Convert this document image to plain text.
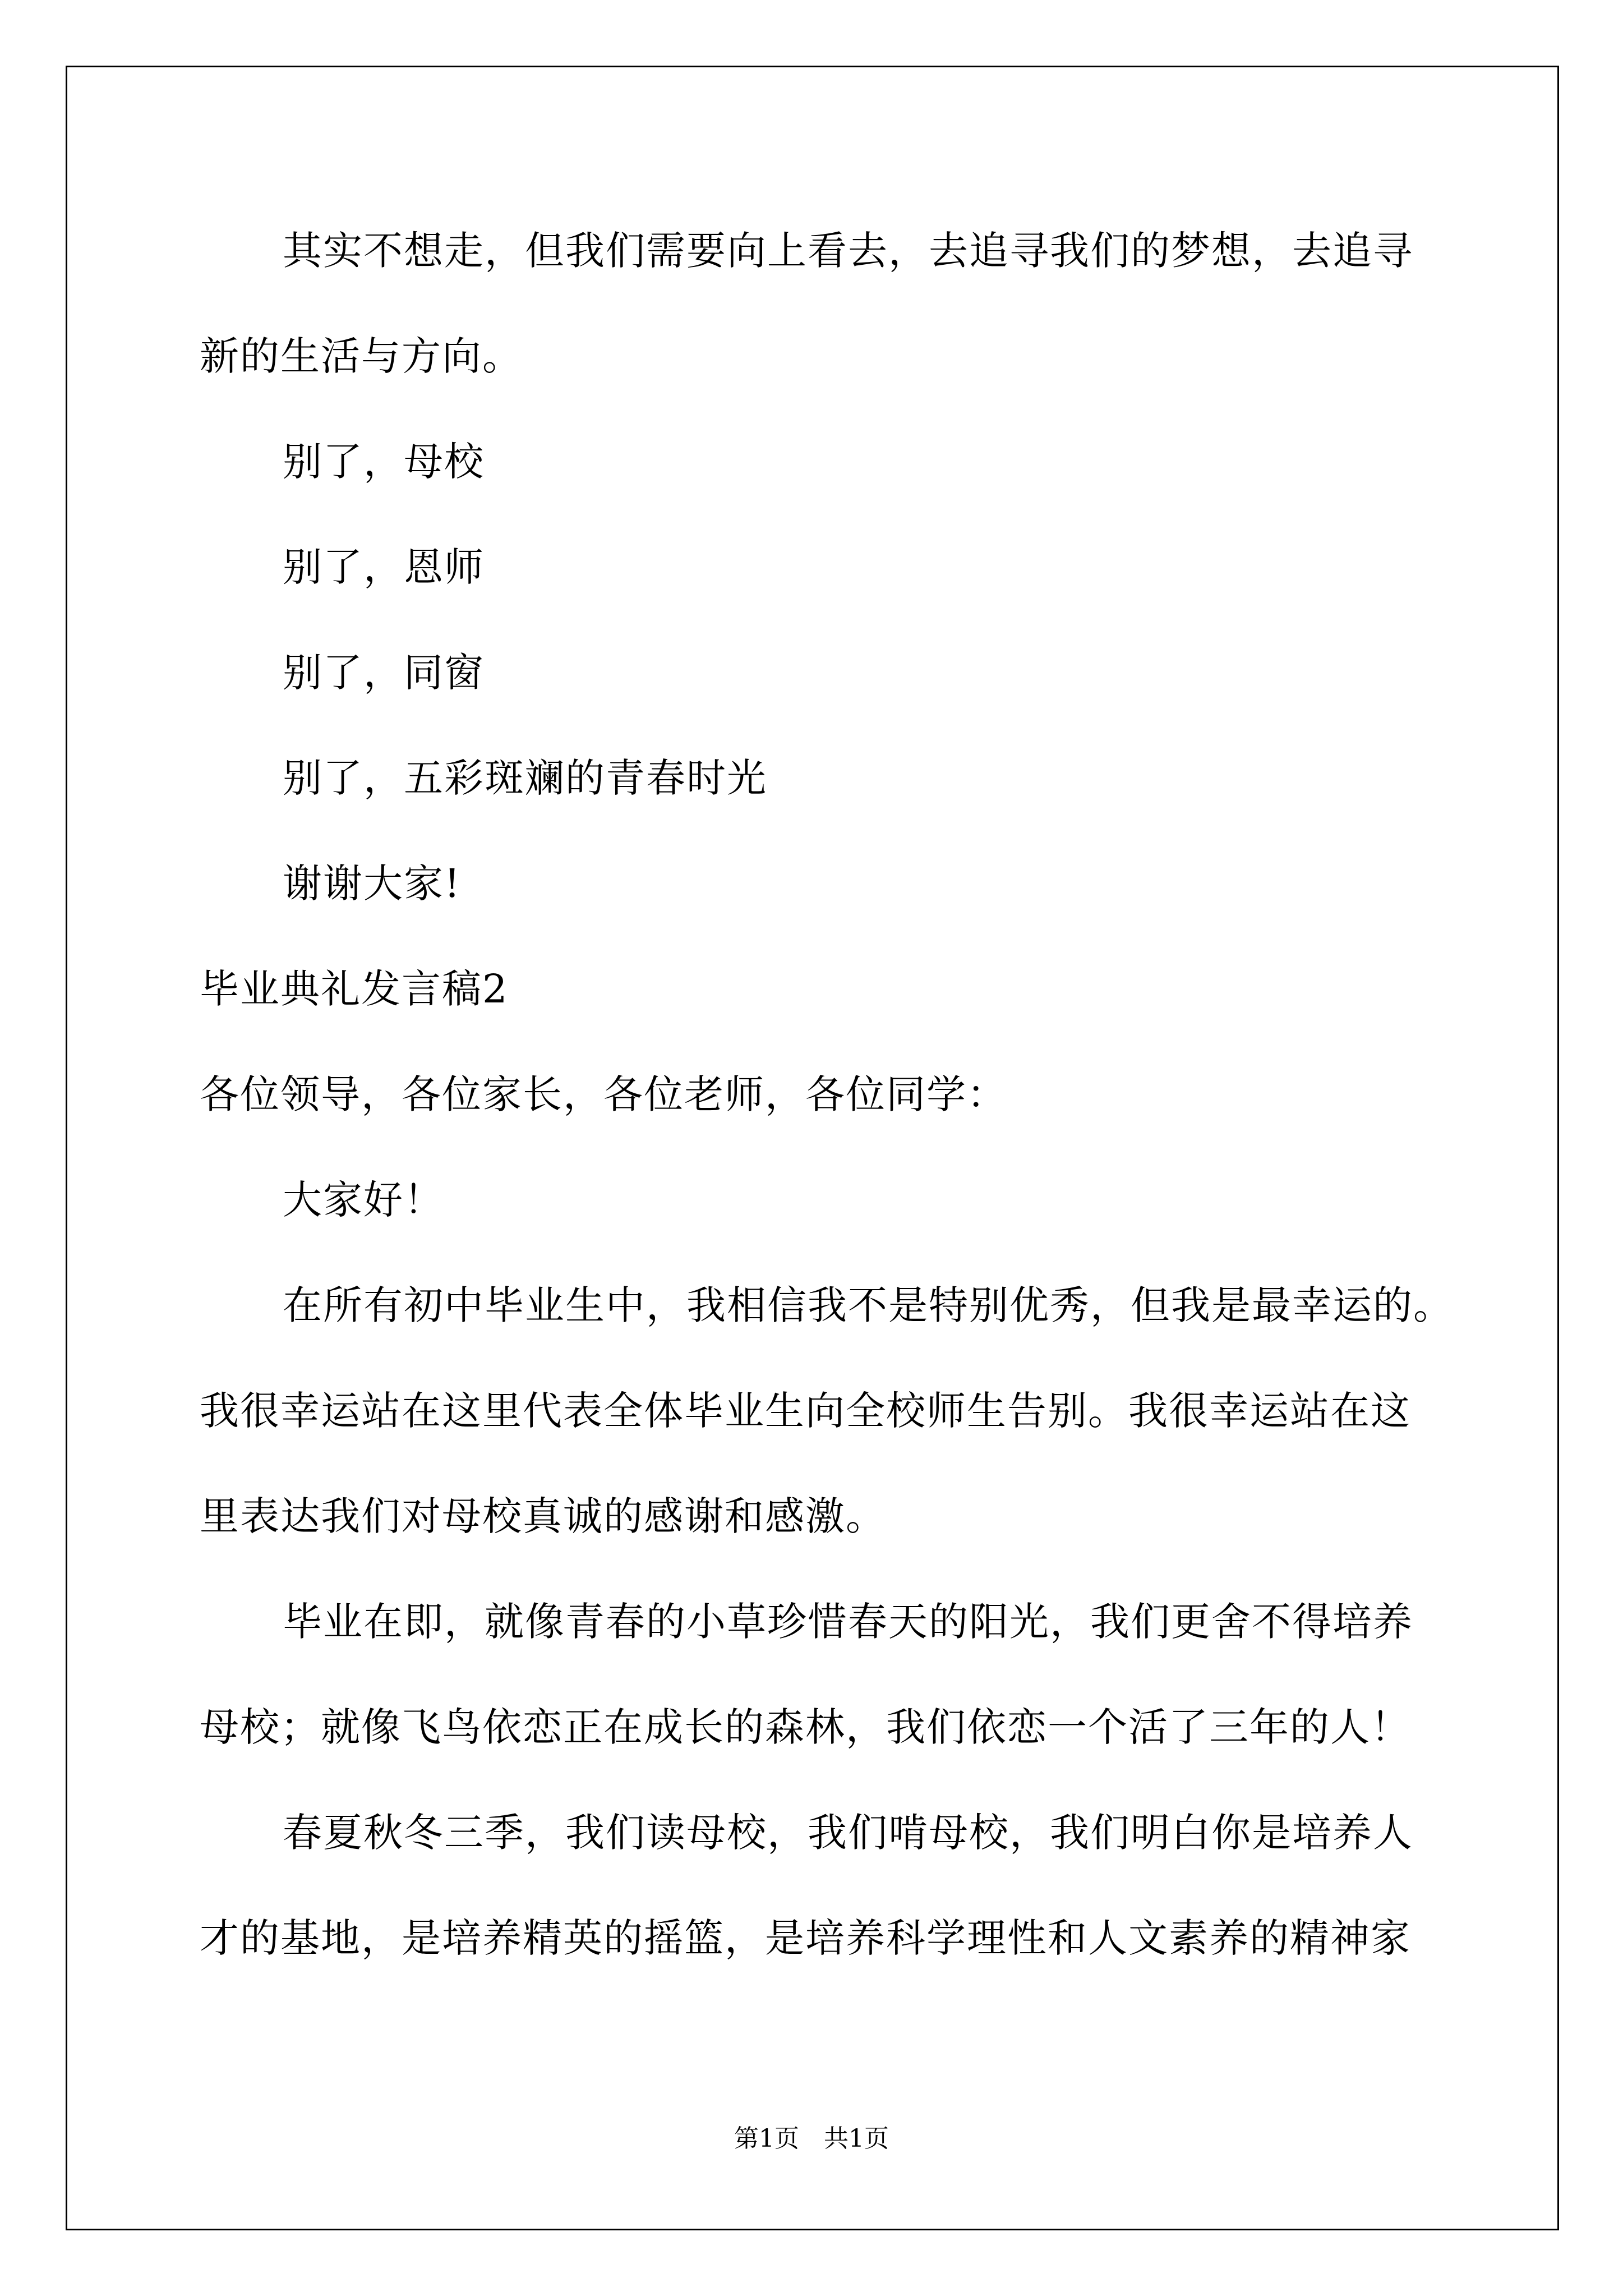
其实不想走，但我们需要向上看去，去追寻我们的梦想，去追寻
新的生活与方向。
别了，母校
别了，恩师
别了，同窗
别了，五彩斑斓的青春时光
谢谢大家!
毕业典礼发言稿2
各位领导，各位家长，各位老师，各位同学：
大家好！
在所有初中毕业生中，我相信我不是特别优秀，但我是最幸运的。
我很幸运站在这里代表全体毕业生向全校师生告别。我很幸运站在这
里表达我们对母校真诚的感谢和感激。
毕业在即，就像青春的小草珍惜春天的阳光，我们更舍不得培养
母校；就像飞鸟依恋正在成长的森林，我们依恋一个活了三年的人！
春夏秋冬三季，我们读母校，我们啃母校，我们明白你是培养人
才的基地，是培养精英的摇篮，是培养科学理性和人文素养的精神家
第1页　共1页
